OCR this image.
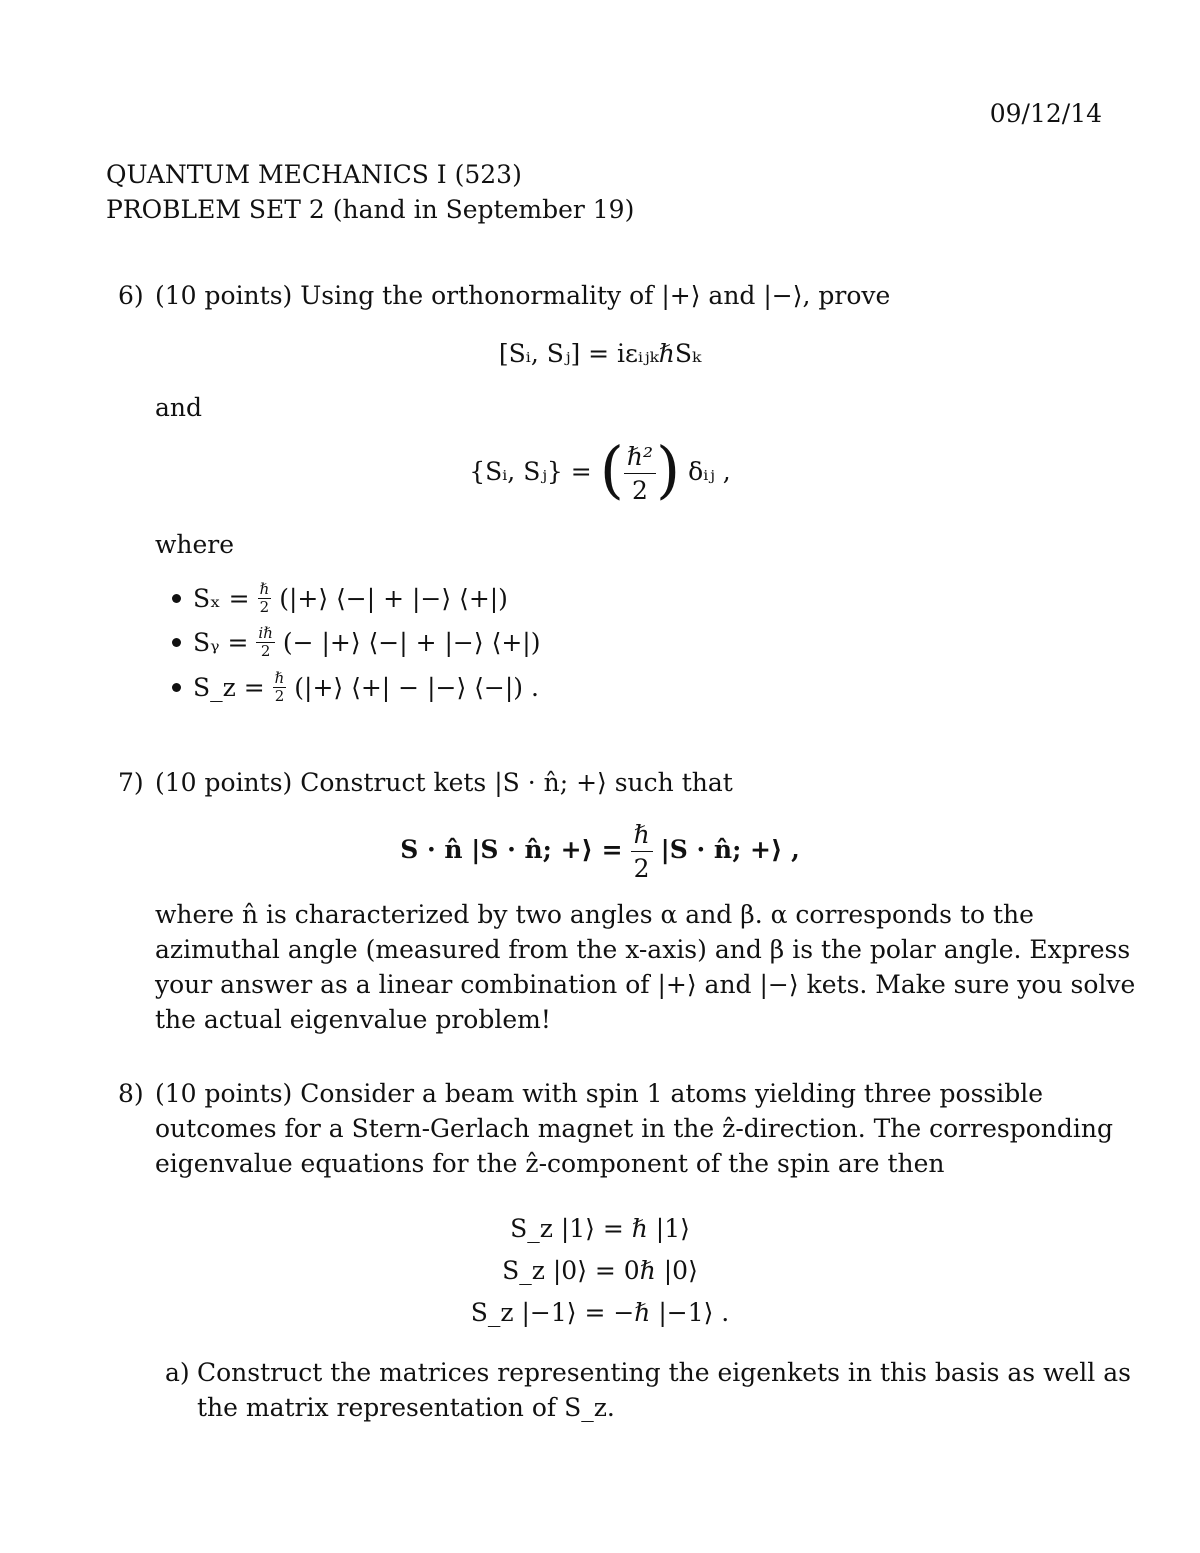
09/12/14
QUANTUM MECHANICS I (523)
PROBLEM SET 2 (hand in September 19)
6) (10 points) Using the orthonormality of |+⟩ and |−⟩, prove
[Sᵢ, Sⱼ] = iεᵢⱼₖℏSₖ
and
{Sᵢ, Sⱼ} = ( $\frac{\text{ℏ²}}{2}$ ) δᵢⱼ ,
where
$S_x = \frac{\text{ℏ}}{2}$ (|+⟩ ⟨−| + |−⟩ ⟨+|)
Sᵧ = $\frac{\text{iℏ}}{2}$ (− |+⟩ ⟨−| + |−⟩ ⟨+|)
S_z = $\frac{\text{ℏ}}{2}$ (|+⟩ ⟨+| − |−⟩ ⟨−|) .
7) (10 points) Construct kets |S · n̂; +⟩ such that
S · n̂ |S · n̂; +⟩ = $\frac{\text{ℏ}}{2} |S$ · n̂; +⟩ ,
where n̂ is characterized by two angles α and β. α corresponds to the
azimuthal angle (measured from the x-axis) and β is the polar angle. Express
your answer as a linear combination of |+⟩ and |−⟩ kets. Make sure you solve
the actual eigenvalue problem!
8) (10 points) Consider a beam with spin 1 atoms yielding three possible
outcomes for a Stern-Gerlach magnet in the ẑ-direction. The corresponding
eigenvalue equations for the ẑ-component of the spin are then
S_z |1⟩ = ℏ |1⟩
S_z |0⟩ = 0ℏ |0⟩
S_z |−1⟩ = −ℏ |−1⟩ .
a) Construct the matrices representing the eigenkets in this basis as well as
the matrix representation of S_z.
